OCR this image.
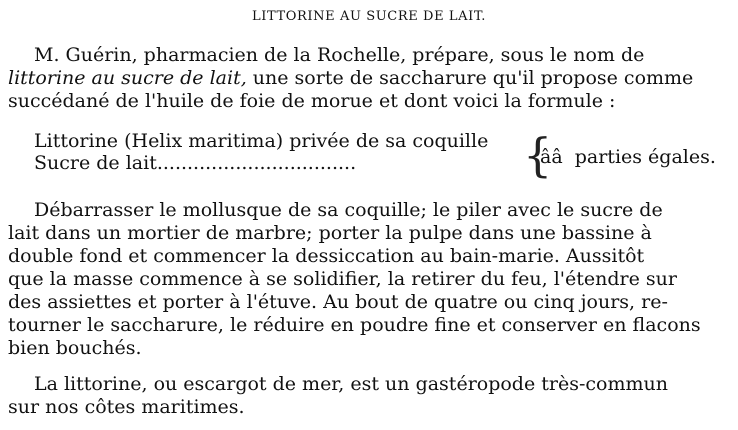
LITTORINE AU SUCRE DE LAIT.
M. Guérin, pharmacien de la Rochelle, prépare, sous le nom de
littorine au sucre de lait, une sorte de saccharure qu'il propose comme
succédané de l'huile de foie de morue et dont voici la formule :
Littorine (Helix maritima) privée de sa coquille
Sucre de lait.................................	{
ââ  parties égales.
Débarrasser le mollusque de sa coquille; le piler avec le sucre de
lait dans un mortier de marbre; porter la pulpe dans une bassine à
double fond et commencer la dessiccation au bain-marie. Aussitôt
que la masse commence à se solidifier, la retirer du feu, l'étendre sur
des assiettes et porter à l'étuve. Au bout de quatre ou cinq jours, re-
tourner le saccharure, le réduire en poudre fine et conserver en flacons
bien bouchés.
La littorine, ou escargot de mer, est un gastéropode très-commun
sur nos côtes maritimes.
